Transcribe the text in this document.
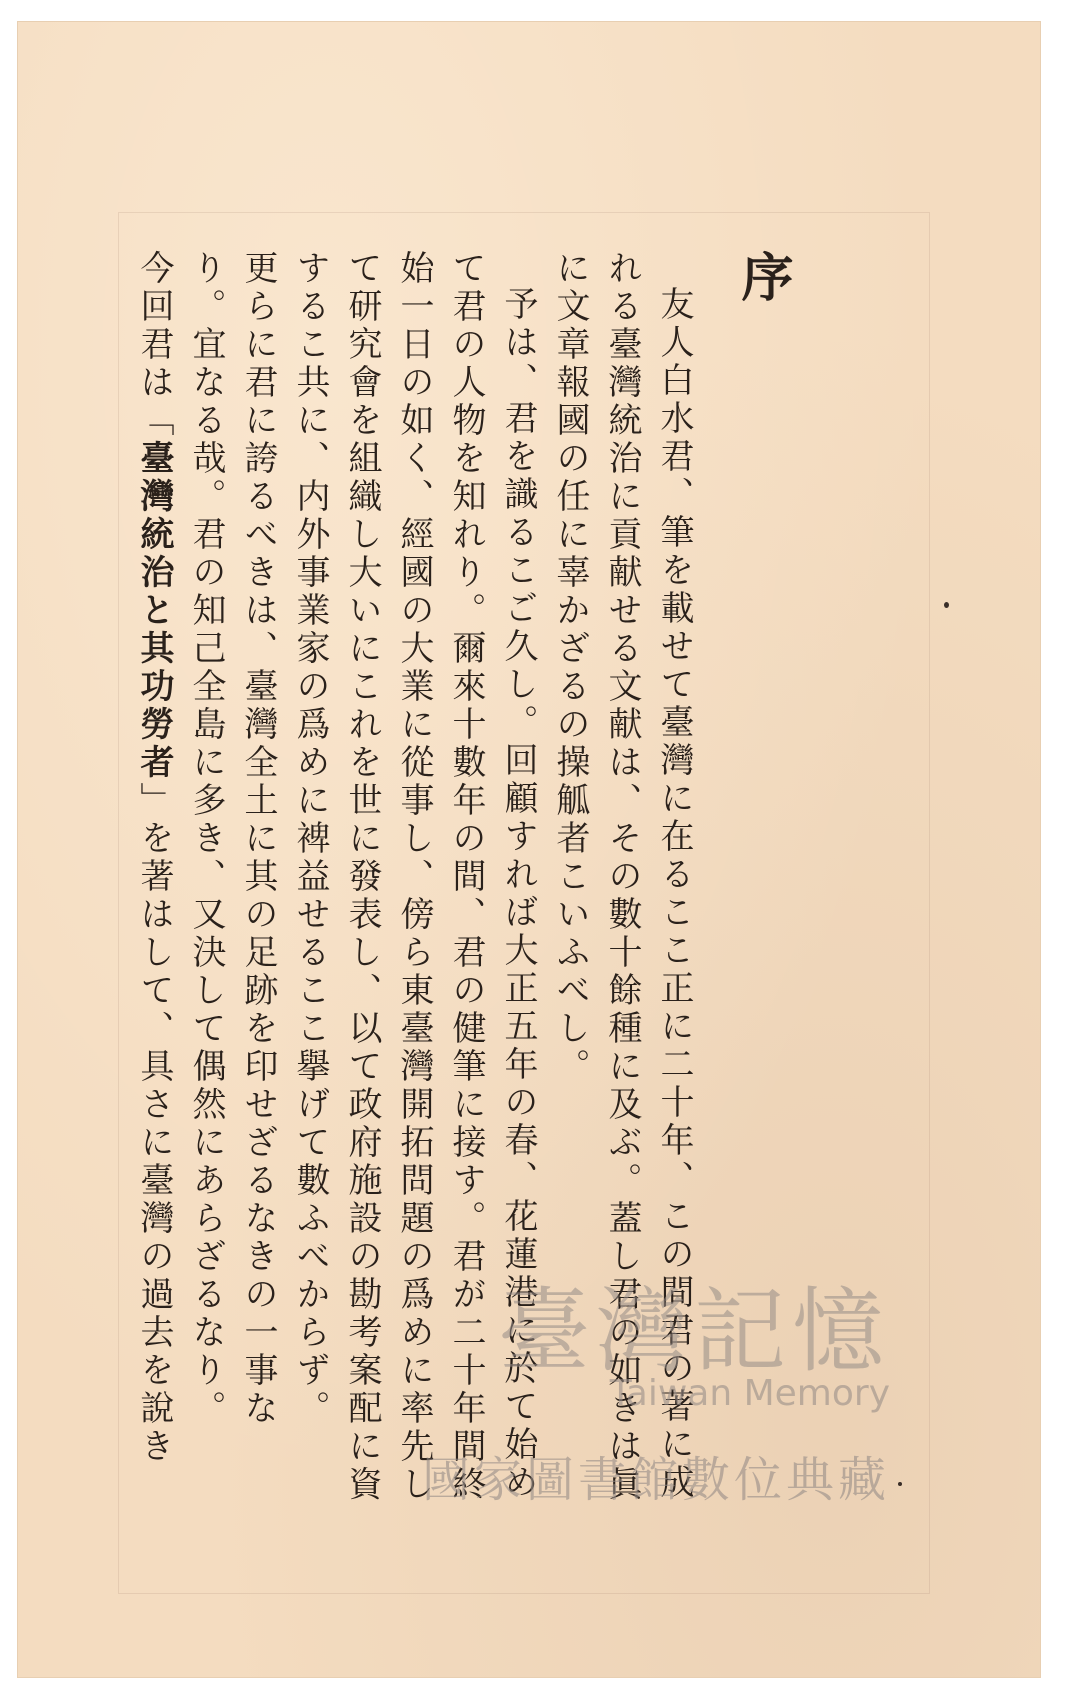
序
友人白水君、筆を載せて臺灣に在るここ正に二十年、この間君の著に成
れる臺灣統治に貢献せる文献は、その數十餘種に及ぶ。蓋し君の如きは眞
に文章報國の任に辜かざるの操觚者こいふべし。
予は、君を識るこご久し。回顧すれば大正五年の春、花蓮港に於て始め
て君の人物を知れり。爾來十數年の間、君の健筆に接す。君が二十年間終
始一日の如く、經國の大業に從事し、傍ら東臺灣開拓問題の爲めに率先し
て研究會を組織し大いにこれを世に發表し、以て政府施設の勘考案配に資
するこ共に、内外事業家の爲めに裨益せるここ擧げて數ふべからず。
更らに君に誇るべきは、臺灣全土に其の足跡を印せざるなきの一事な
り。宜なる哉。君の知己全島に多き、又決して偶然にあらざるなり。
今回君は「臺灣統治と其功勞者」を著はして、具さに臺灣の過去を說き	臺灣記憶
Taiwan Memory
國家圖書館數位典藏
